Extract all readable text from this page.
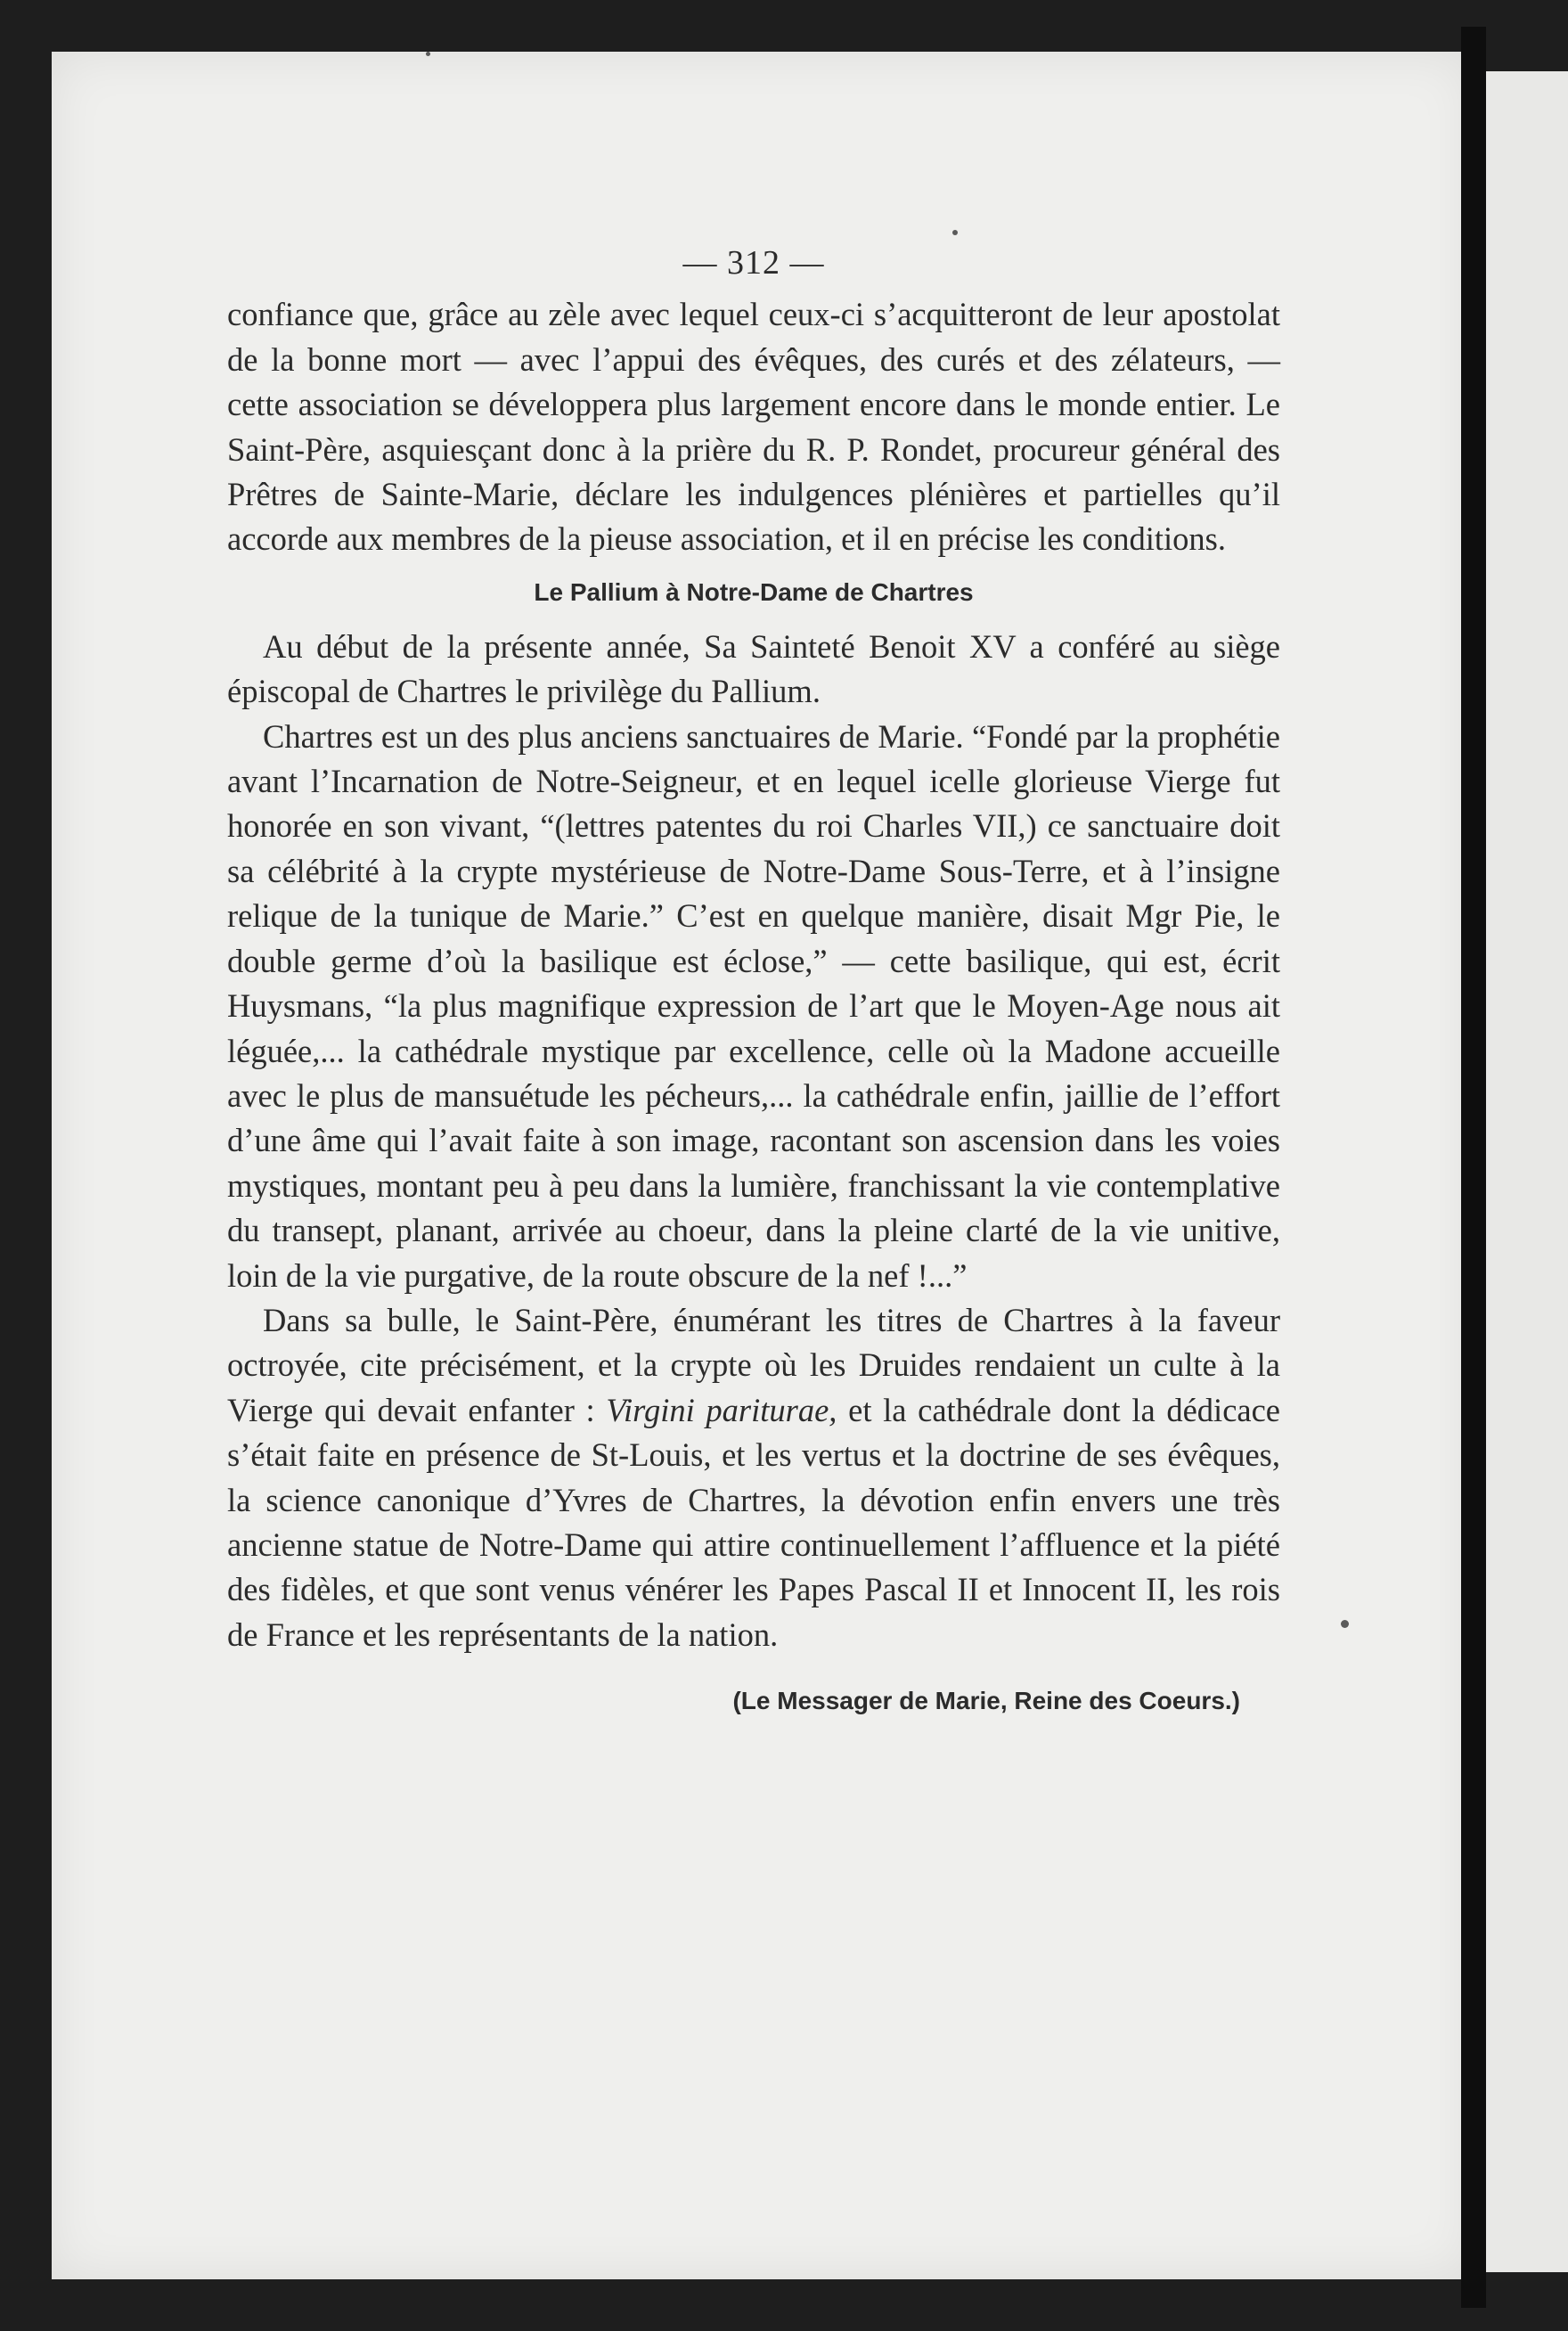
— 312 —

confiance que, grâce au zèle avec lequel ceux-ci s’acquitteront de leur apostolat de la bonne mort — avec l’appui des évêques, des curés et des zélateurs, — cette association se développera plus largement encore dans le monde entier. Le Saint-Père, asquiesçant donc à la prière du R. P. Rondet, procureur général des Prêtres de Sainte-Marie, déclare les indulgences plénières et partielles qu’il accorde aux membres de la pieuse association, et il en précise les conditions.

Le Pallium à Notre-Dame de Chartres

Au début de la présente année, Sa Sainteté Benoit XV a conféré au siège épiscopal de Chartres le privilège du Pallium.

Chartres est un des plus anciens sanctuaires de Marie. “Fondé par la prophétie avant l’Incarnation de Notre-Seigneur, et en lequel icelle glorieuse Vierge fut honorée en son vivant, “(lettres patentes du roi Charles VII,) ce sanctuaire doit sa célébrité à la crypte mystérieuse de Notre-Dame Sous-Terre, et à l’insigne relique de la tunique de Marie.” C’est en quelque manière, disait Mgr Pie, le double germe d’où la basilique est éclose,” — cette basilique, qui est, écrit Huysmans, “la plus magnifique expression de l’art que le Moyen-Age nous ait léguée,... la cathédrale mystique par excellence, celle où la Madone accueille avec le plus de mansuétude les pécheurs,... la cathédrale enfin, jaillie de l’effort d’une âme qui l’avait faite à son image, racontant son ascension dans les voies mystiques, montant peu à peu dans la lumière, franchissant la vie contemplative du transept, planant, arrivée au choeur, dans la pleine clarté de la vie unitive, loin de la vie purgative, de la route obscure de la nef !...”

Dans sa bulle, le Saint-Père, énumérant les titres de Chartres à la faveur octroyée, cite précisément, et la crypte où les Druides rendaient un culte à la Vierge qui devait enfanter : Virgini pariturae, et la cathédrale dont la dédicace s’était faite en présence de St-Louis, et les vertus et la doctrine de ses évêques, la science canonique d’Yvres de Chartres, la dévotion enfin envers une très ancienne statue de Notre-Dame qui attire continuellement l’affluence et la piété des fidèles, et que sont venus vénérer les Papes Pascal II et Innocent II, les rois de France et les représentants de la nation.

(Le Messager de Marie, Reine des Coeurs.)
